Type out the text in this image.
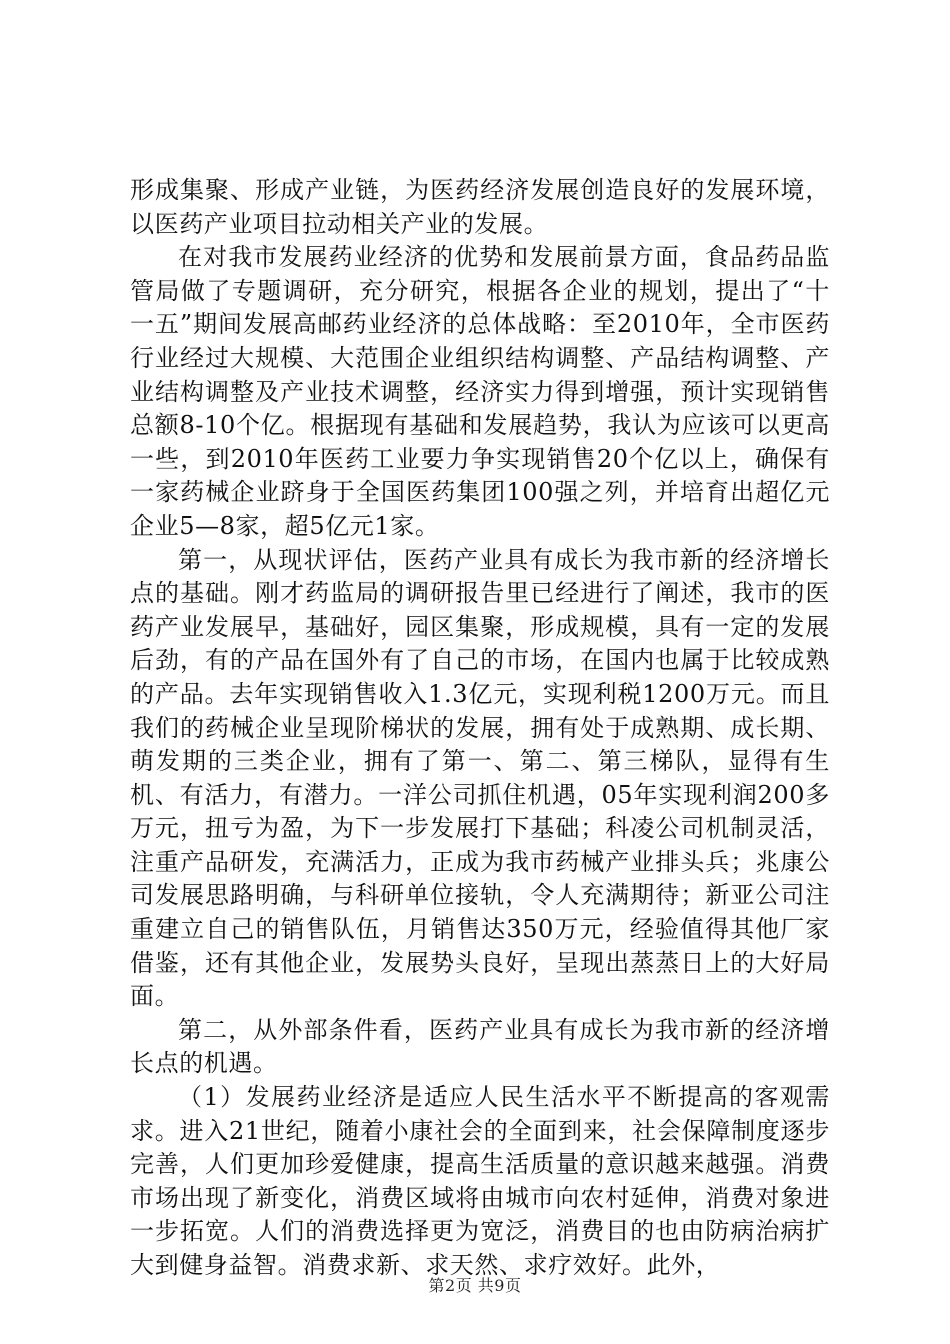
形成集聚、形成产业链，为医药经济发展创造良好的发展环境，以医药产业项目拉动相关产业的发展。

在对我市发展药业经济的优势和发展前景方面，食品药品监管局做了专题调研，充分研究，根据各企业的规划，提出了“十一五”期间发展高邮药业经济的总体战略：至2010年，全市医药行业经过大规模、大范围企业组织结构调整、产品结构调整、产业结构调整及产业技术调整，经济实力得到增强，预计实现销售总额8-10个亿。根据现有基础和发展趋势，我认为应该可以更高一些，到2010年医药工业要力争实现销售20个亿以上，确保有一家药械企业跻身于全国医药集团100强之列，并培育出超亿元企业5—8家，超5亿元1家。

第一，从现状评估，医药产业具有成长为我市新的经济增长点的基础。刚才药监局的调研报告里已经进行了阐述，我市的医药产业发展早，基础好，园区集聚，形成规模，具有一定的发展后劲，有的产品在国外有了自己的市场，在国内也属于比较成熟的产品。去年实现销售收入1.3亿元，实现利税1200万元。而且我们的药械企业呈现阶梯状的发展，拥有处于成熟期、成长期、萌发期的三类企业，拥有了第一、第二、第三梯队，显得有生机、有活力，有潜力。一洋公司抓住机遇，05年实现利润200多万元，扭亏为盈，为下一步发展打下基础；科凌公司机制灵活，注重产品研发，充满活力，正成为我市药械产业排头兵；兆康公司发展思路明确，与科研单位接轨，令人充满期待；新亚公司注重建立自己的销售队伍，月销售达350万元，经验值得其他厂家借鉴，还有其他企业，发展势头良好，呈现出蒸蒸日上的大好局面。

第二，从外部条件看，医药产业具有成长为我市新的经济增长点的机遇。

（1）发展药业经济是适应人民生活水平不断提高的客观需求。进入21世纪，随着小康社会的全面到来，社会保障制度逐步完善，人们更加珍爱健康，提高生活质量的意识越来越强。消费市场出现了新变化，消费区域将由城市向农村延伸，消费对象进一步拓宽。人们的消费选择更为宽泛，消费目的也由防病治病扩大到健身益智。消费求新、求天然、求疗效好。此外，

第2页 共9页
